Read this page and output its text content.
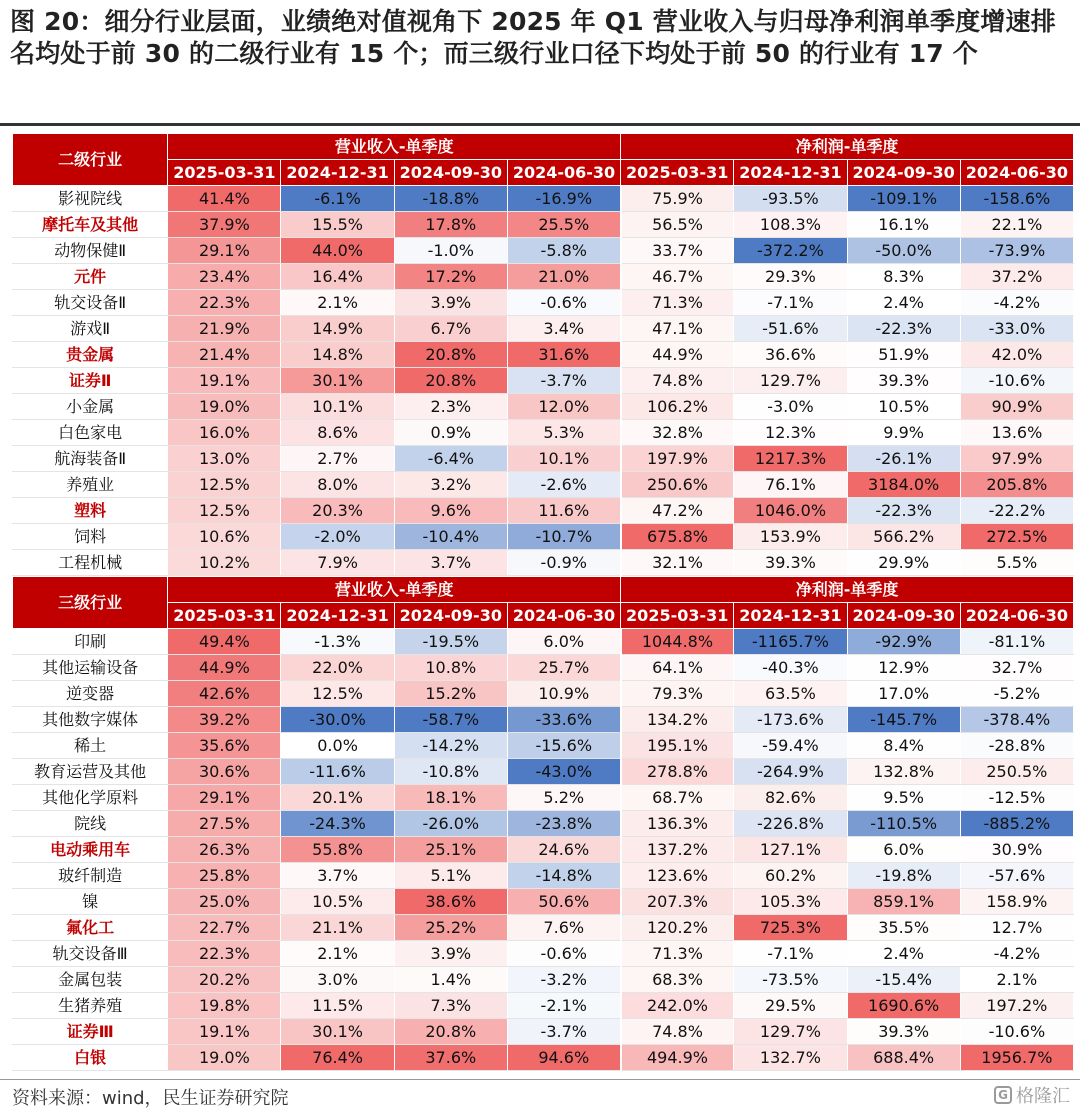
图 20：细分行业层面，业绩绝对值视角下 2025 年 Q1 营业收入与归母净利润单季度增速排名均处于前 30 的二级行业有 15 个；而三级行业口径下均处于前 50 的行业有 17 个
二级行业	营业收入-单季度				净利润-单季度			
	2025-03-31	2024-12-31	2024-09-30	2024-06-30	2025-03-31	2024-12-31	2024-09-30	2024-06-30
影视院线	41.4%	-6.1%	-18.8%	-16.9%	75.9%	-93.5%	-109.1%	-158.6%
摩托车及其他	37.9%	15.5%	17.8%	25.5%	56.5%	108.3%	16.1%	22.1%
动物保健Ⅱ	29.1%	44.0%	-1.0%	-5.8%	33.7%	-372.2%	-50.0%	-73.9%
元件	23.4%	16.4%	17.2%	21.0%	46.7%	29.3%	8.3%	37.2%
轨交设备Ⅱ	22.3%	2.1%	3.9%	-0.6%	71.3%	-7.1%	2.4%	-4.2%
游戏Ⅱ	21.9%	14.9%	6.7%	3.4%	47.1%	-51.6%	-22.3%	-33.0%
贵金属	21.4%	14.8%	20.8%	31.6%	44.9%	36.6%	51.9%	42.0%
证券Ⅱ	19.1%	30.1%	20.8%	-3.7%	74.8%	129.7%	39.3%	-10.6%
小金属	19.0%	10.1%	2.3%	12.0%	106.2%	-3.0%	10.5%	90.9%
白色家电	16.0%	8.6%	0.9%	5.3%	32.8%	12.3%	9.9%	13.6%
航海装备Ⅱ	13.0%	2.7%	-6.4%	10.1%	197.9%	1217.3%	-26.1%	97.9%
养殖业	12.5%	8.0%	3.2%	-2.6%	250.6%	76.1%	3184.0%	205.8%
塑料	12.5%	20.3%	9.6%	11.6%	47.2%	1046.0%	-22.3%	-22.2%
饲料	10.6%	-2.0%	-10.4%	-10.7%	675.8%	153.9%	566.2%	272.5%
工程机械	10.2%	7.9%	3.7%	-0.9%	32.1%	39.3%	29.9%	5.5%
三级行业	营业收入-单季度				净利润-单季度			
	2025-03-31	2024-12-31	2024-09-30	2024-06-30	2025-03-31	2024-12-31	2024-09-30	2024-06-30
印刷	49.4%	-1.3%	-19.5%	6.0%	1044.8%	-1165.7%	-92.9%	-81.1%
其他运输设备	44.9%	22.0%	10.8%	25.7%	64.1%	-40.3%	12.9%	32.7%
逆变器	42.6%	12.5%	15.2%	10.9%	79.3%	63.5%	17.0%	-5.2%
其他数字媒体	39.2%	-30.0%	-58.7%	-33.6%	134.2%	-173.6%	-145.7%	-378.4%
稀土	35.6%	0.0%	-14.2%	-15.6%	195.1%	-59.4%	8.4%	-28.8%
教育运营及其他	30.6%	-11.6%	-10.8%	-43.0%	278.8%	-264.9%	132.8%	250.5%
其他化学原料	29.1%	20.1%	18.1%	5.2%	68.7%	82.6%	9.5%	-12.5%
院线	27.5%	-24.3%	-26.0%	-23.8%	136.3%	-226.8%	-110.5%	-885.2%
电动乘用车	26.3%	55.8%	25.1%	24.6%	137.2%	127.1%	6.0%	30.9%
玻纤制造	25.8%	3.7%	5.1%	-14.8%	123.6%	60.2%	-19.8%	-57.6%
镍	25.0%	10.5%	38.6%	50.6%	207.3%	105.3%	859.1%	158.9%
氟化工	22.7%	21.1%	25.2%	7.6%	120.2%	725.3%	35.5%	12.7%
轨交设备Ⅲ	22.3%	2.1%	3.9%	-0.6%	71.3%	-7.1%	2.4%	-4.2%
金属包装	20.2%	3.0%	1.4%	-3.2%	68.3%	-73.5%	-15.4%	2.1%
生猪养殖	19.8%	11.5%	7.3%	-2.1%	242.0%	29.5%	1690.6%	197.2%
证券Ⅲ	19.1%	30.1%	20.8%	-3.7%	74.8%	129.7%	39.3%	-10.6%
白银	19.0%	76.4%	37.6%	94.6%	494.9%	132.7%	688.4%	1956.7%
资料来源：wind，民生证券研究院	G 格隆汇
